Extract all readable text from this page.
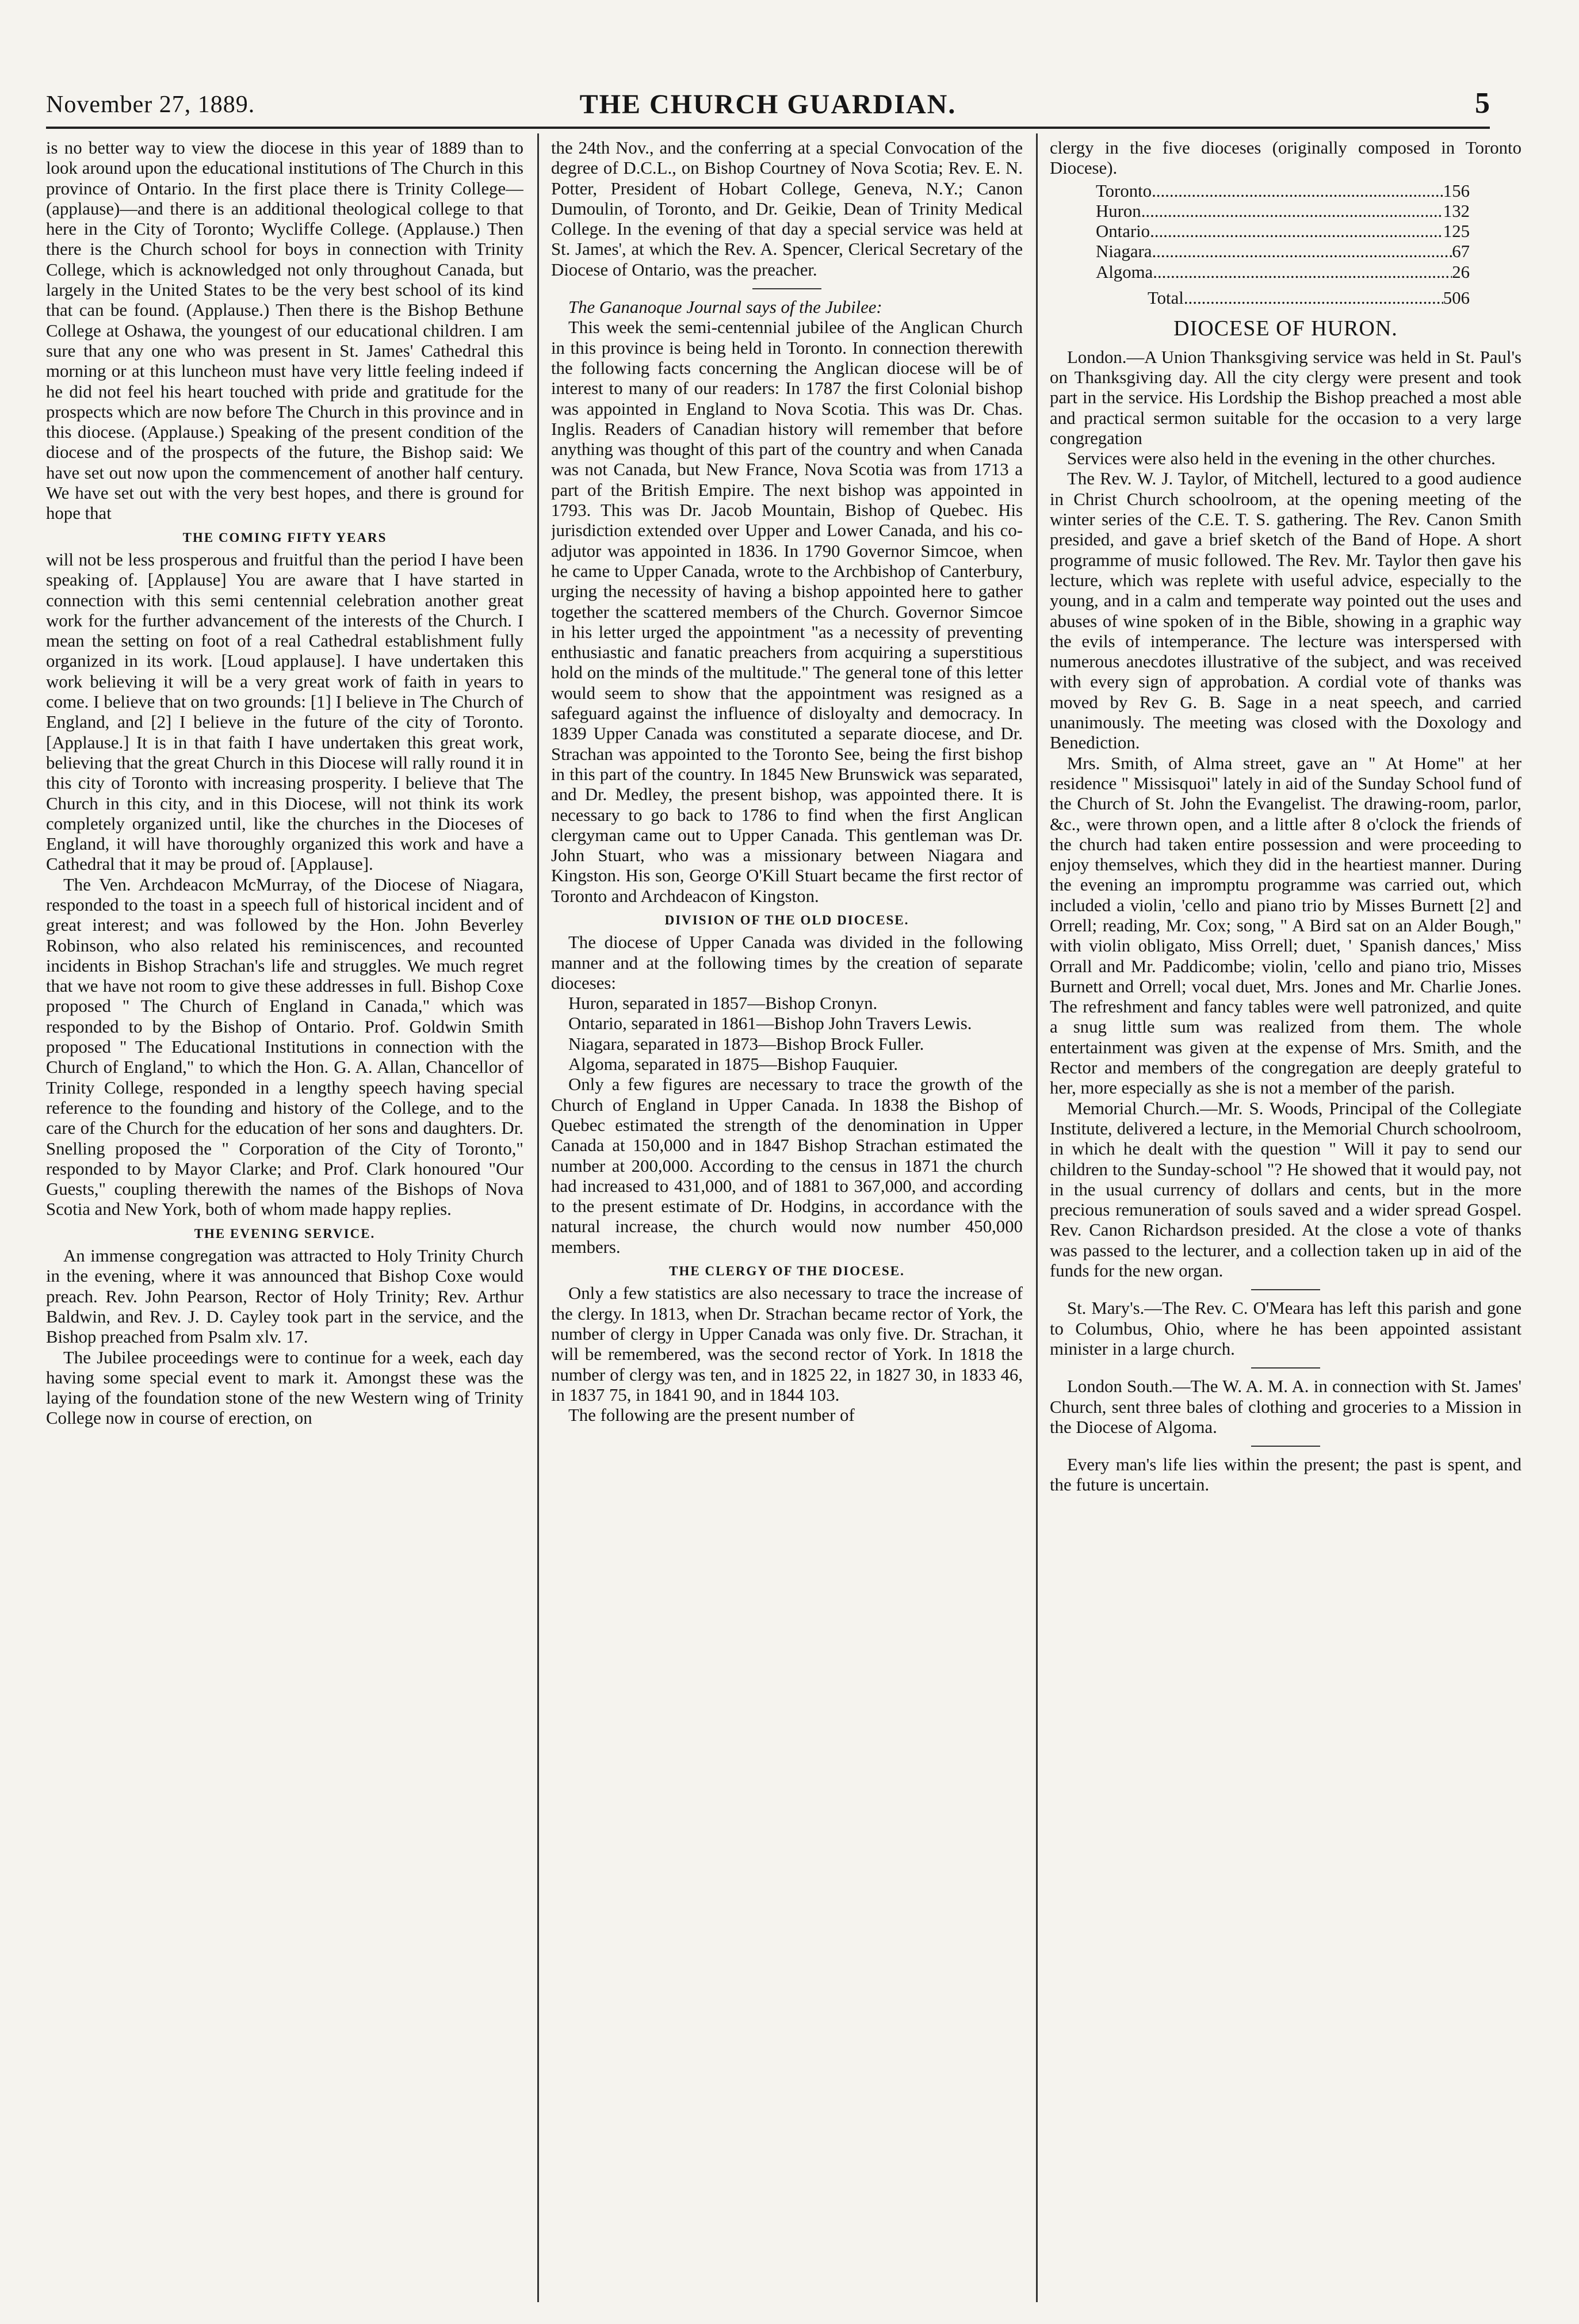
November 27, 1889.	THE CHURCH GUARDIAN.	5

is no better way to view the diocese in this year of 1889 than to look around upon the educational institutions of The Church in this province of Ontario. In the first place there is Trinity College—(applause)—and there is an additional theological college to that here in the City of Toronto; Wycliffe College. (Applause.) Then there is the Church school for boys in connection with Trinity College, which is acknowledged not only throughout Canada, but largely in the United States to be the very best school of its kind that can be found. (Applause.) Then there is the Bishop Bethune College at Oshawa, the youngest of our educational children. I am sure that any one who was present in St. James' Cathedral this morning or at this luncheon must have very little feeling indeed if he did not feel his heart touched with pride and gratitude for the prospects which are now before The Church in this province and in this diocese. (Applause.) Speaking of the present condition of the diocese and of the prospects of the future, the Bishop said: We have set out now upon the commencement of another half century. We have set out with the very best hopes, and there is ground for hope that

THE COMING FIFTY YEARS

will not be less prosperous and fruitful than the period I have been speaking of. [Applause] You are aware that I have started in connection with this semi centennial celebration another great work for the further advancement of the interests of the Church. I mean the setting on foot of a real Cathedral establishment fully organized in its work. [Loud applause]. I have undertaken this work believing it will be a very great work of faith in years to come. I believe that on two grounds: [1] I believe in The Church of England, and [2] I believe in the future of the city of Toronto. [Applause.] It is in that faith I have undertaken this great work, believing that the great Church in this Diocese will rally round it in this city of Toronto with increasing prosperity. I believe that The Church in this city, and in this Diocese, will not think its work completely organized until, like the churches in the Dioceses of England, it will have thoroughly organized this work and have a Cathedral that it may be proud of. [Applause].

The Ven. Archdeacon McMurray, of the Diocese of Niagara, responded to the toast in a speech full of historical incident and of great interest; and was followed by the Hon. John Beverley Robinson, who also related his reminiscences, and recounted incidents in Bishop Strachan's life and struggles. We much regret that we have not room to give these addresses in full. Bishop Coxe proposed " The Church of England in Canada," which was responded to by the Bishop of Ontario. Prof. Goldwin Smith proposed " The Educational Institutions in connection with the Church of England," to which the Hon. G. A. Allan, Chancellor of Trinity College, responded in a lengthy speech having special reference to the founding and history of the College, and to the care of the Church for the education of her sons and daughters. Dr. Snelling proposed the " Corporation of the City of Toronto," responded to by Mayor Clarke; and Prof. Clark honoured "Our Guests," coupling therewith the names of the Bishops of Nova Scotia and New York, both of whom made happy replies.

THE EVENING SERVICE.

An immense congregation was attracted to Holy Trinity Church in the evening, where it was announced that Bishop Coxe would preach. Rev. John Pearson, Rector of Holy Trinity; Rev. Arthur Baldwin, and Rev. J. D. Cayley took part in the service, and the Bishop preached from Psalm xlv. 17.

The Jubilee proceedings were to continue for a week, each day having some special event to mark it. Amongst these was the laying of the foundation stone of the new Western wing of Trinity College now in course of erection, on

the 24th Nov., and the conferring at a special Convocation of the degree of D.C.L., on Bishop Courtney of Nova Scotia; Rev. E. N. Potter, President of Hobart College, Geneva, N.Y.; Canon Dumoulin, of Toronto, and Dr. Geikie, Dean of Trinity Medical College. In the evening of that day a special service was held at St. James', at which the Rev. A. Spencer, Clerical Secretary of the Diocese of Ontario, was the preacher.

The Gananoque Journal says of the Jubilee:

This week the semi-centennial jubilee of the Anglican Church in this province is being held in Toronto. In connection therewith the following facts concerning the Anglican diocese will be of interest to many of our readers: In 1787 the first Colonial bishop was appointed in England to Nova Scotia. This was Dr. Chas. Inglis. Readers of Canadian history will remember that before anything was thought of this part of the country and when Canada was not Canada, but New France, Nova Scotia was from 1713 a part of the British Empire. The next bishop was appointed in 1793. This was Dr. Jacob Mountain, Bishop of Quebec. His jurisdiction extended over Upper and Lower Canada, and his co-adjutor was appointed in 1836. In 1790 Governor Simcoe, when he came to Upper Canada, wrote to the Archbishop of Canterbury, urging the necessity of having a bishop appointed here to gather together the scattered members of the Church. Governor Simcoe in his letter urged the appointment "as a necessity of preventing enthusiastic and fanatic preachers from acquiring a superstitious hold on the minds of the multitude." The general tone of this letter would seem to show that the appointment was resigned as a safeguard against the influence of disloyalty and democracy. In 1839 Upper Canada was constituted a separate diocese, and Dr. Strachan was appointed to the Toronto See, being the first bishop in this part of the country. In 1845 New Brunswick was separated, and Dr. Medley, the present bishop, was appointed there. It is necessary to go back to 1786 to find when the first Anglican clergyman came out to Upper Canada. This gentleman was Dr. John Stuart, who was a missionary between Niagara and Kingston. His son, George O'Kill Stuart became the first rector of Toronto and Archdeacon of Kingston.

DIVISION OF THE OLD DIOCESE.

The diocese of Upper Canada was divided in the following manner and at the following times by the creation of separate dioceses:

Huron, separated in 1857—Bishop Cronyn.

Ontario, separated in 1861—Bishop John Travers Lewis.

Niagara, separated in 1873—Bishop Brock Fuller.

Algoma, separated in 1875—Bishop Fauquier.

Only a few figures are necessary to trace the growth of the Church of England in Upper Canada. In 1838 the Bishop of Quebec estimated the strength of the denomination in Upper Canada at 150,000 and in 1847 Bishop Strachan estimated the number at 200,000. According to the census in 1871 the church had increased to 431,000, and of 1881 to 367,000, and according to the present estimate of Dr. Hodgins, in accordance with the natural increase, the church would now number 450,000 members.

THE CLERGY OF THE DIOCESE.

Only a few statistics are also necessary to trace the increase of the clergy. In 1813, when Dr. Strachan became rector of York, the number of clergy in Upper Canada was only five. Dr. Strachan, it will be remembered, was the second rector of York. In 1818 the number of clergy was ten, and in 1825 22, in 1827 30, in 1833 46, in 1837 75, in 1841 90, and in 1844 103.

The following are the present number of

clergy in the five dioceses (originally composed in Toronto Diocese).

Toronto .....	156
Huron .....	132
Ontario .....	125
Niagara .....	67
Algoma .....	26
Total .....	506
DIOCESE OF HURON.

London.—A Union Thanksgiving service was held in St. Paul's on Thanksgiving day. All the city clergy were present and took part in the service. His Lordship the Bishop preached a most able and practical sermon suitable for the occasion to a very large congregation

Services were also held in the evening in the other churches.

The Rev. W. J. Taylor, of Mitchell, lectured to a good audience in Christ Church schoolroom, at the opening meeting of the winter series of the C.E. T. S. gathering. The Rev. Canon Smith presided, and gave a brief sketch of the Band of Hope. A short programme of music followed. The Rev. Mr. Taylor then gave his lecture, which was replete with useful advice, especially to the young, and in a calm and temperate way pointed out the uses and abuses of wine spoken of in the Bible, showing in a graphic way the evils of intemperance. The lecture was interspersed with numerous anecdotes illustrative of the subject, and was received with every sign of approbation. A cordial vote of thanks was moved by Rev G. B. Sage in a neat speech, and carried unanimously. The meeting was closed with the Doxology and Benediction.

Mrs. Smith, of Alma street, gave an " At Home" at her residence " Missisquoi" lately in aid of the Sunday School fund of the Church of St. John the Evangelist. The drawing-room, parlor, &c., were thrown open, and a little after 8 o'clock the friends of the church had taken entire possession and were proceeding to enjoy themselves, which they did in the heartiest manner. During the evening an impromptu programme was carried out, which included a violin, 'cello and piano trio by Misses Burnett [2] and Orrell; reading, Mr. Cox; song, " A Bird sat on an Alder Bough," with violin obligato, Miss Orrell; duet, ' Spanish dances,' Miss Orrall and Mr. Paddicombe; violin, 'cello and piano trio, Misses Burnett and Orrell; vocal duet, Mrs. Jones and Mr. Charlie Jones. The refreshment and fancy tables were well patronized, and quite a snug little sum was realized from them. The whole entertainment was given at the expense of Mrs. Smith, and the Rector and members of the congregation are deeply grateful to her, more especially as she is not a member of the parish.

Memorial Church.—Mr. S. Woods, Principal of the Collegiate Institute, delivered a lecture, in the Memorial Church schoolroom, in which he dealt with the question " Will it pay to send our children to the Sunday-school "? He showed that it would pay, not in the usual currency of dollars and cents, but in the more precious remuneration of souls saved and a wider spread Gospel. Rev. Canon Richardson presided. At the close a vote of thanks was passed to the lecturer, and a collection taken up in aid of the funds for the new organ.

St. Mary's.—The Rev. C. O'Meara has left this parish and gone to Columbus, Ohio, where he has been appointed assistant minister in a large church.

London South.—The W. A. M. A. in connection with St. James' Church, sent three bales of clothing and groceries to a Mission in the Diocese of Algoma.

Every man's life lies within the present; the past is spent, and the future is uncertain.
